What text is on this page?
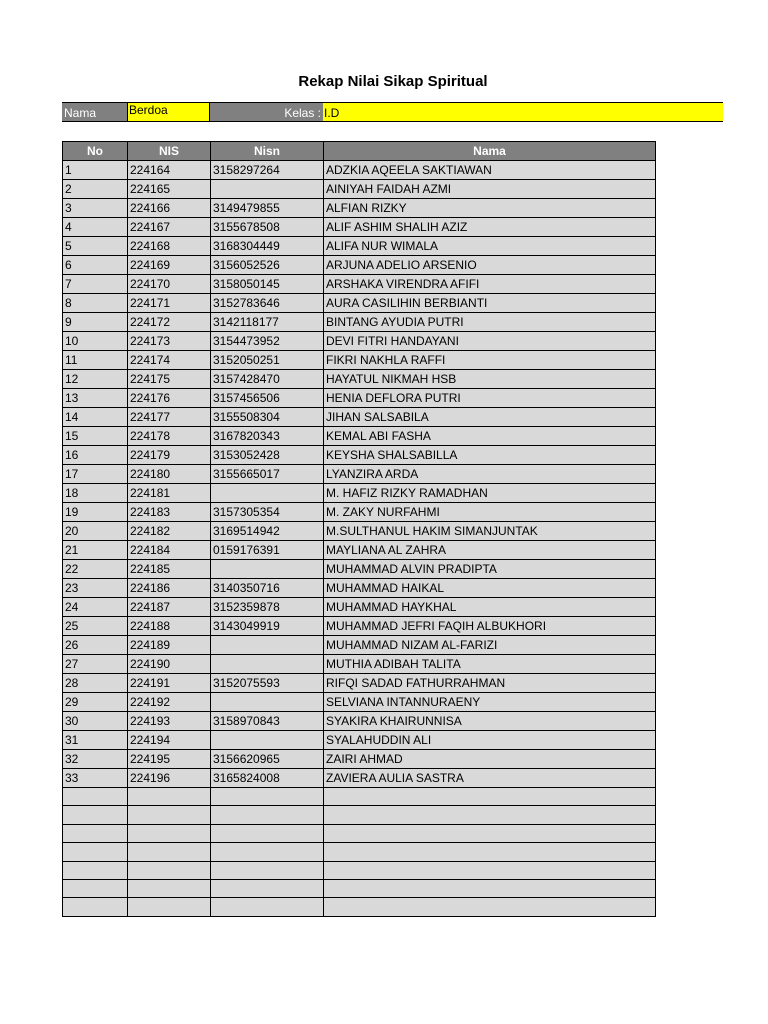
Rekap Nilai Sikap Spiritual
Nama	Berdoa	Kelas : I.D
No	NIS	Nisn	Nama
1	224164	3158297264	ADZKIA AQEELA SAKTIAWAN
2	224165		AINIYAH FAIDAH AZMI
3	224166	3149479855	ALFIAN RIZKY
4	224167	3155678508	ALIF ASHIM SHALIH AZIZ
5	224168	3168304449	ALIFA NUR WIMALA
6	224169	3156052526	ARJUNA ADELIO ARSENIO
7	224170	3158050145	ARSHAKA VIRENDRA AFIFI
8	224171	3152783646	AURA CASILIHIN BERBIANTI
9	224172	3142118177	BINTANG AYUDIA PUTRI
10	224173	3154473952	DEVI FITRI HANDAYANI
11	224174	3152050251	FIKRI NAKHLA RAFFI
12	224175	3157428470	HAYATUL NIKMAH HSB
13	224176	3157456506	HENIA DEFLORA PUTRI
14	224177	3155508304	JIHAN SALSABILA
15	224178	3167820343	KEMAL ABI FASHA
16	224179	3153052428	KEYSHA SHALSABILLA
17	224180	3155665017	LYANZIRA ARDA
18	224181		M. HAFIZ RIZKY RAMADHAN
19	224183	3157305354	M. ZAKY NURFAHMI
20	224182	3169514942	M.SULTHANUL HAKIM SIMANJUNTAK
21	224184	0159176391	MAYLIANA AL ZAHRA
22	224185		MUHAMMAD ALVIN PRADIPTA
23	224186	3140350716	MUHAMMAD HAIKAL
24	224187	3152359878	MUHAMMAD HAYKHAL
25	224188	3143049919	MUHAMMAD JEFRI FAQIH ALBUKHORI
26	224189		MUHAMMAD NIZAM AL-FARIZI
27	224190		MUTHIA ADIBAH TALITA
28	224191	3152075593	RIFQI SADAD FATHURRAHMAN
29	224192		SELVIANA INTANNURAENY
30	224193	3158970843	SYAKIRA KHAIRUNNISA
31	224194		SYALAHUDDIN ALI
32	224195	3156620965	ZAIRI AHMAD
33	224196	3165824008	ZAVIERA AULIA SASTRA
